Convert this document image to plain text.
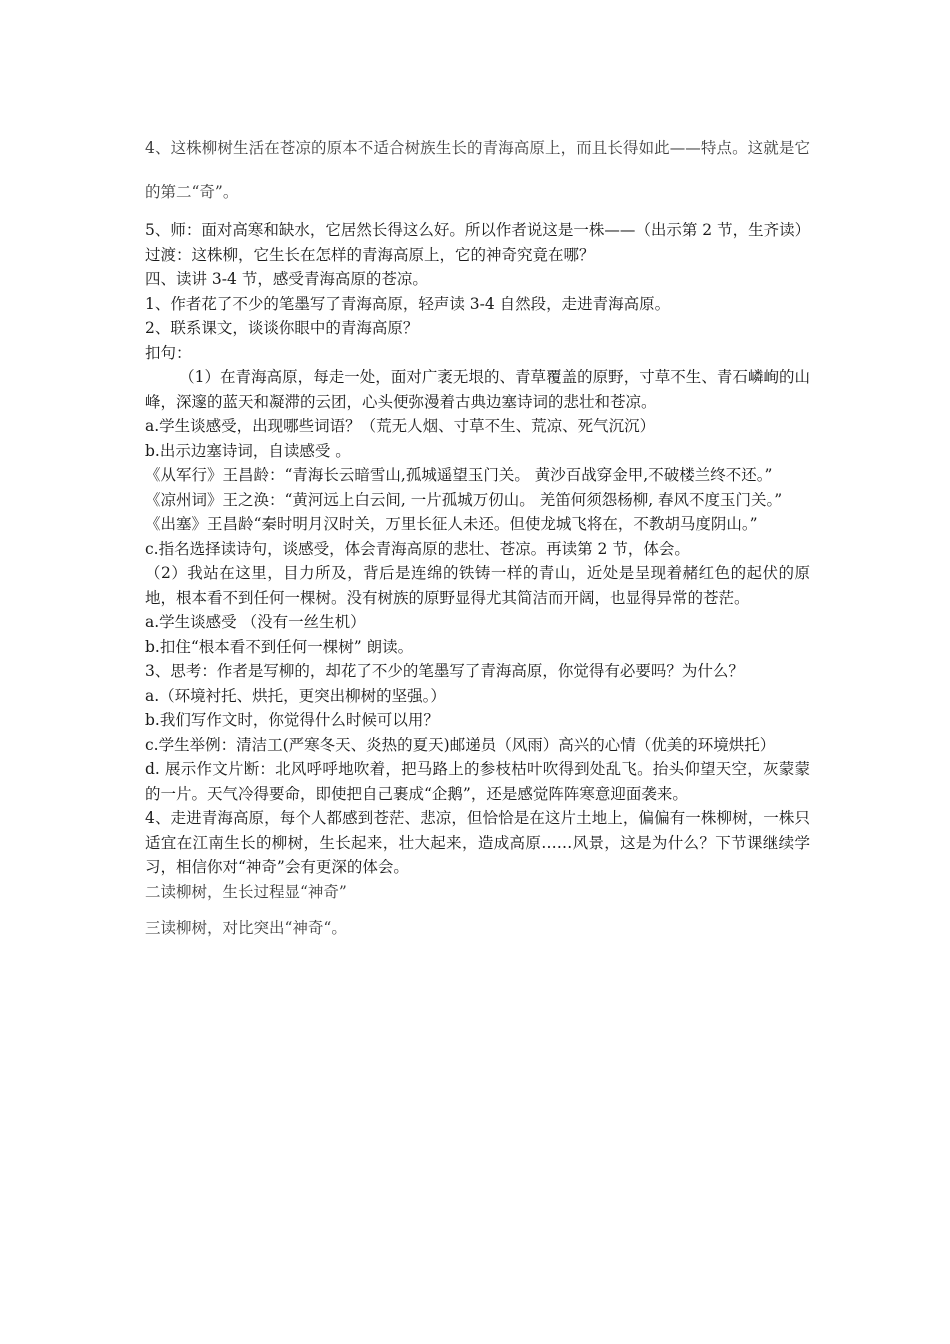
4、这株柳树生活在苍凉的原本不适合树族生长的青海高原上，而且长得如此——特点。这就是它的第二“奇”。

5、师：面对高寒和缺水，它居然长得这么好。所以作者说这是一株——（出示第 2 节，生齐读）

过渡：这株柳，它生长在怎样的青海高原上，它的神奇究竟在哪？

四、读讲 3-4 节，感受青海高原的苍凉。

1、作者花了不少的笔墨写了青海高原，轻声读 3-4 自然段，走进青海高原。

2、联系课文，谈谈你眼中的青海高原？

扣句：

（1）在青海高原，每走一处，面对广袤无垠的、青草覆盖的原野，寸草不生、青石嶙峋的山峰，深邃的蓝天和凝滞的云团，心头便弥漫着古典边塞诗词的悲壮和苍凉。

a.学生谈感受，出现哪些词语？（荒无人烟、寸草不生、荒凉、死气沉沉）

b.出示边塞诗词，自读感受 。

《从军行》王昌龄：“青海长云暗雪山,孤城遥望玉门关。 黄沙百战穿金甲,不破楼兰终不还。”

《凉州词》王之涣：“黄河远上白云间, 一片孤城万仞山。 羌笛何须怨杨柳, 春风不度玉门关。”

《出塞》王昌龄“秦时明月汉时关，万里长征人未还。但使龙城飞将在，不教胡马度阴山。”

c.指名选择读诗句，谈感受，体会青海高原的悲壮、苍凉。再读第 2 节，体会。

（2）我站在这里，目力所及，背后是连绵的铁铸一样的青山，近处是呈现着赭红色的起伏的原地，根本看不到任何一棵树。没有树族的原野显得尤其简洁而开阔，也显得异常的苍茫。

a.学生谈感受 （没有一丝生机）

b.扣住“根本看不到任何一棵树” 朗读。

3、思考：作者是写柳的，却花了不少的笔墨写了青海高原，你觉得有必要吗？为什么？

a.（环境衬托、烘托，更突出柳树的坚强。）

b.我们写作文时，你觉得什么时候可以用？

c.学生举例：清洁工(严寒冬天、炎热的夏天)邮递员（风雨）高兴的心情（优美的环境烘托）

d. 展示作文片断：北风呼呼地吹着，把马路上的参枝枯叶吹得到处乱飞。抬头仰望天空，灰蒙蒙的一片。天气冷得要命，即使把自己裹成“企鹅”，还是感觉阵阵寒意迎面袭来。

4、走进青海高原，每个人都感到苍茫、悲凉，但恰恰是在这片土地上，偏偏有一株柳树，一株只适宜在江南生长的柳树，生长起来，壮大起来，造成高原……风景，这是为什么？下节课继续学习，相信你对“神奇”会有更深的体会。

二读柳树，生长过程显“神奇”

三读柳树，对比突出“神奇“。
